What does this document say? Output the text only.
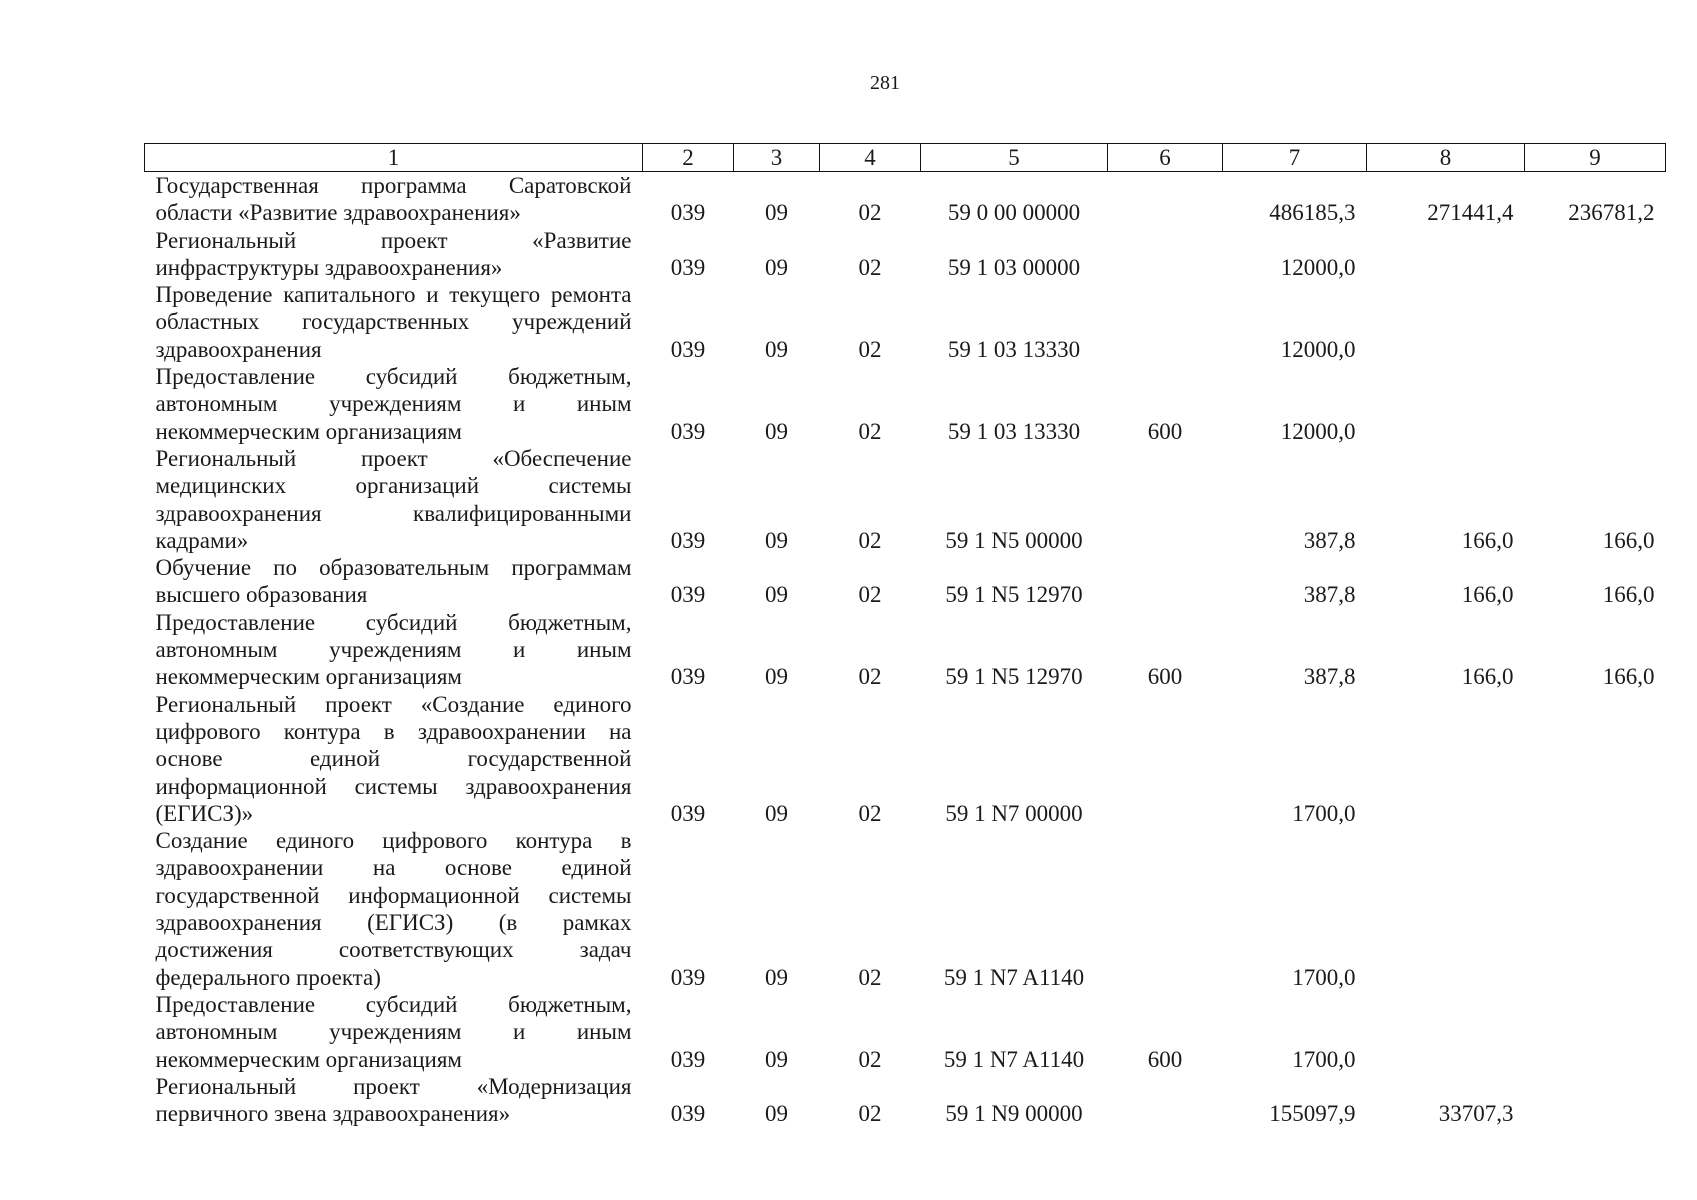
281
1	2	3	4	5	6	7	8	9
Государственная программа Саратовской области «Развитие здравоохранения»	039	09	02	59 0 00 00000		486185,3	271441,4	236781,2
Региональный проект «Развитие инфраструктуры здравоохранения»	039	09	02	59 1 03 00000		12000,0		
Проведение капитального и текущего ремонта областных государственных учреждений здравоохранения	039	09	02	59 1 03 13330		12000,0		
Предоставление субсидий бюджетным, автономным учреждениям и иным некоммерческим организациям	039	09	02	59 1 03 13330	600	12000,0		
Региональный проект «Обеспечение медицинских организаций системы здравоохранения квалифицированными кадрами»	039	09	02	59 1 N5 00000		387,8	166,0	166,0
Обучение по образовательным программам высшего образования	039	09	02	59 1 N5 12970		387,8	166,0	166,0
Предоставление субсидий бюджетным, автономным учреждениям и иным некоммерческим организациям	039	09	02	59 1 N5 12970	600	387,8	166,0	166,0
Региональный проект «Создание единого цифрового контура в здравоохранении на основе единой государственной информационной системы здравоохранения (ЕГИСЗ)»	039	09	02	59 1 N7 00000		1700,0		
Создание единого цифрового контура в здравоохранении на основе единой государственной информационной системы здравоохранения (ЕГИСЗ) (в рамках достижения соответствующих задач федерального проекта)	039	09	02	59 1 N7 A1140		1700,0		
Предоставление субсидий бюджетным, автономным учреждениям и иным некоммерческим организациям	039	09	02	59 1 N7 A1140	600	1700,0		
Региональный проект «Модернизация первичного звена здравоохранения»	039	09	02	59 1 N9 00000		155097,9	33707,3	
